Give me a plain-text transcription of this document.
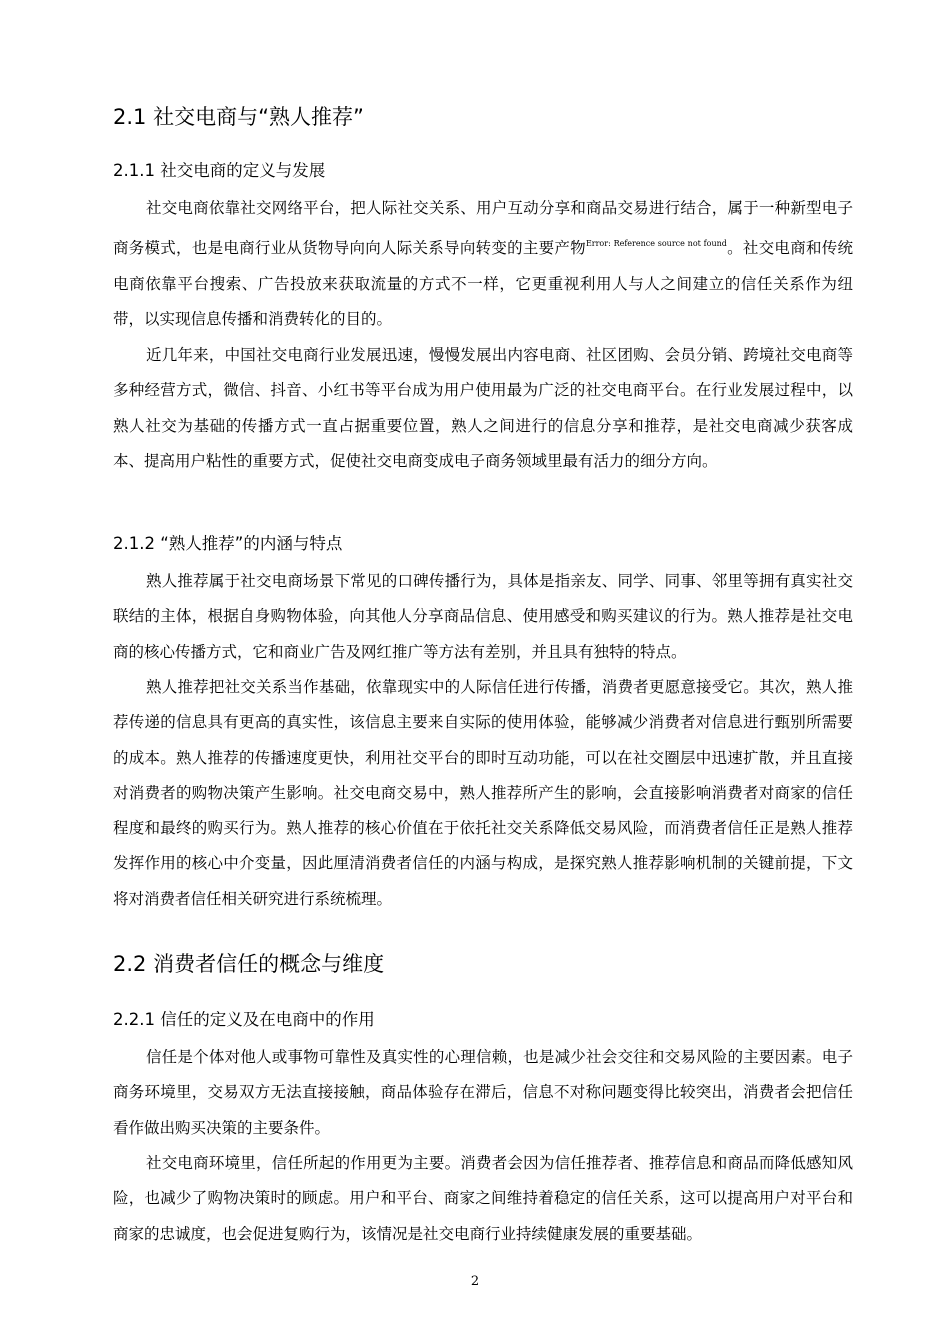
2.1 社交电商与“熟人推荐”
2.1.1 社交电商的定义与发展
社交电商依靠社交网络平台，把人际社交关系、用户互动分享和商品交易进行结合，属于一种新型电子商务模式，也是电商行业从货物导向向人际关系导向转变的主要产物$^{Error: Reference source not found}$。社交电商和传统电商依靠平台搜索、广告投放来获取流量的方式不一样，它更重视利用人与人之间建立的信任关系作为纽带，以实现信息传播和消费转化的目的。
近几年来，中国社交电商行业发展迅速，慢慢发展出内容电商、社区团购、会员分销、跨境社交电商等多种经营方式，微信、抖音、小红书等平台成为用户使用最为广泛的社交电商平台。在行业发展过程中，以熟人社交为基础的传播方式一直占据重要位置，熟人之间进行的信息分享和推荐，是社交电商减少获客成本、提高用户粘性的重要方式，促使社交电商变成电子商务领域里最有活力的细分方向。
2.1.2 “熟人推荐”的内涵与特点
熟人推荐属于社交电商场景下常见的口碑传播行为，具体是指亲友、同学、同事、邻里等拥有真实社交联结的主体，根据自身购物体验，向其他人分享商品信息、使用感受和购买建议的行为。熟人推荐是社交电商的核心传播方式，它和商业广告及网红推广等方法有差别，并且具有独特的特点。
熟人推荐把社交关系当作基础，依靠现实中的人际信任进行传播，消费者更愿意接受它。其次，熟人推荐传递的信息具有更高的真实性，该信息主要来自实际的使用体验，能够减少消费者对信息进行甄别所需要的成本。熟人推荐的传播速度更快，利用社交平台的即时互动功能，可以在社交圈层中迅速扩散，并且直接对消费者的购物决策产生影响。社交电商交易中，熟人推荐所产生的影响，会直接影响消费者对商家的信任程度和最终的购买行为。熟人推荐的核心价值在于依托社交关系降低交易风险，而消费者信任正是熟人推荐发挥作用的核心中介变量，因此厘清消费者信任的内涵与构成，是探究熟人推荐影响机制的关键前提，下文将对消费者信任相关研究进行系统梳理。
2.2 消费者信任的概念与维度
2.2.1 信任的定义及在电商中的作用
信任是个体对他人或事物可靠性及真实性的心理信赖，也是减少社会交往和交易风险的主要因素。电子商务环境里，交易双方无法直接接触，商品体验存在滞后，信息不对称问题变得比较突出，消费者会把信任看作做出购买决策的主要条件。
社交电商环境里，信任所起的作用更为主要。消费者会因为信任推荐者、推荐信息和商品而降低感知风险，也减少了购物决策时的顾虑。用户和平台、商家之间维持着稳定的信任关系，这可以提高用户对平台和商家的忠诚度，也会促进复购行为，该情况是社交电商行业持续健康发展的重要基础。
2
